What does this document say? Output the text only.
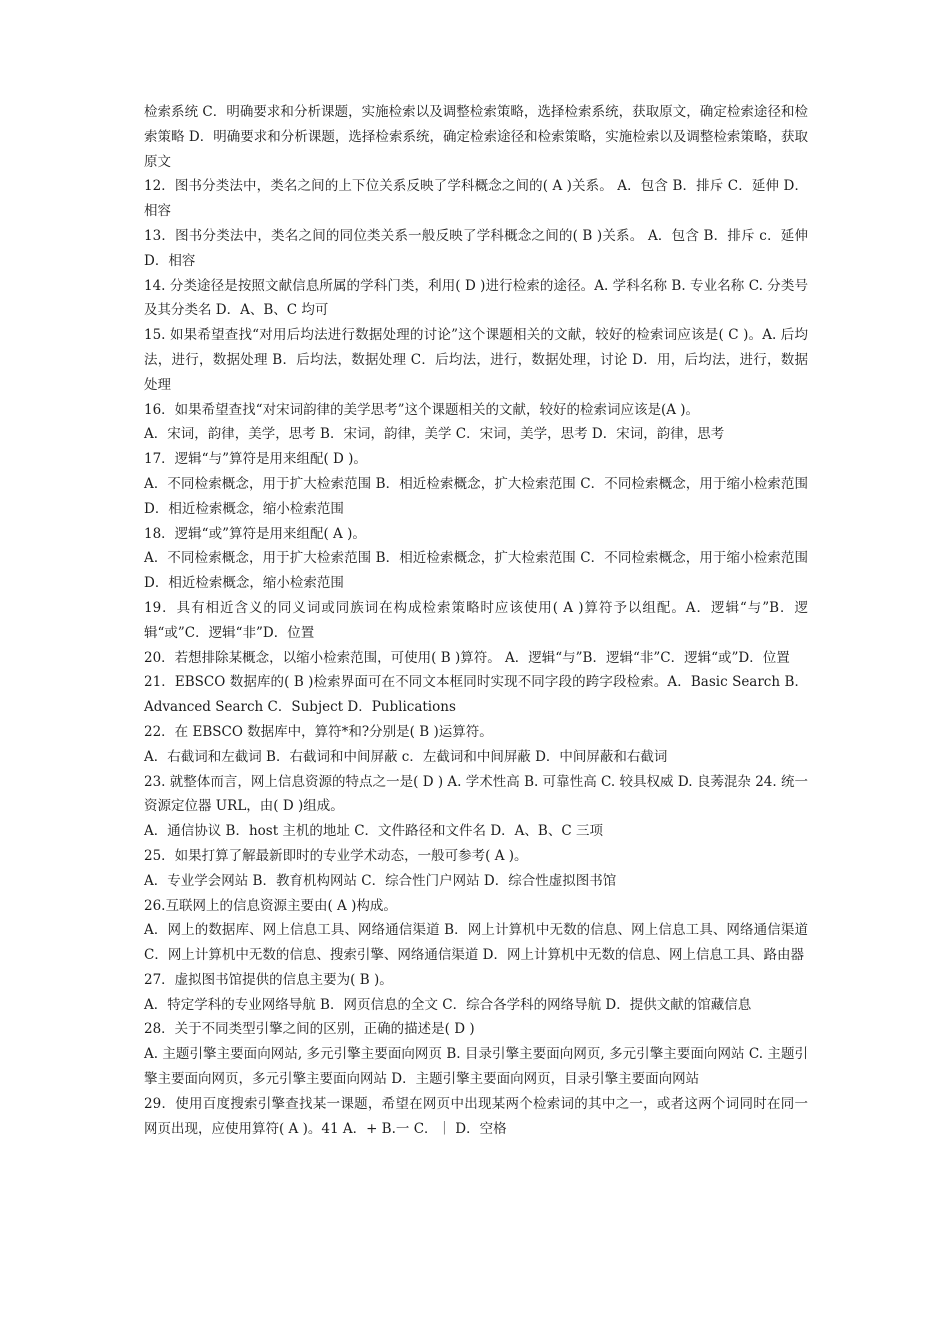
检索系统 C．明确要求和分析课题，实施检索以及调整检索策略，选择检索系统，获取原文，确定检索途径和检索策略 D．明确要求和分析课题，选择检索系统，确定检索途径和检索策略，实施检索以及调整检索策略，获取原文

12．图书分类法中，类名之间的上下位关系反映了学科概念之间的( A )关系。 A．包含 B．排斥 C．延伸 D．相容

13．图书分类法中，类名之间的同位类关系一般反映了学科概念之间的( B )关系。 A．包含 B．排斥 c．延伸 D．相容

14. 分类途径是按照文献信息所属的学科门类，利用( D )进行检索的途径。A. 学科名称 B. 专业名称 C. 分类号及其分类名 D．A、B、C 均可

15. 如果希望查找“对用后均法进行数据处理的讨论”这个课题相关的文献，较好的检索词应该是( C )。A. 后均法，进行，数据处理 B．后均法，数据处理 C．后均法，进行，数据处理，讨论 D．用，后均法，进行，数据处理

16．如果希望查找“对宋词韵律的美学思考”这个课题相关的文献，较好的检索词应该是(A )。

A．宋词，韵律，美学，思考 B．宋词，韵律，美学 C．宋词，美学，思考 D．宋词，韵律，思考

17．逻辑“与”算符是用来组配( D )。

A．不同检索概念，用于扩大检索范围 B．相近检索概念，扩大检索范围 C．不同检索概念，用于缩小检索范围 D．相近检索概念，缩小检索范围

18．逻辑“或”算符是用来组配( A )。

A．不同检索概念，用于扩大检索范围 B．相近检索概念，扩大检索范围 C．不同检索概念，用于缩小检索范围 D．相近检索概念，缩小检索范围

19．具有相近含义的同义词或同族词在构成检索策略时应该使用( A )算符予以组配。A．逻辑“与”B．逻辑“或”C．逻辑“非”D．位置

20．若想排除某概念，以缩小检索范围，可使用( B )算符。 A．逻辑“与”B．逻辑“非”C．逻辑“或”D．位置

21．EBSCO 数据库的( B )检索界面可在不同文本框同时实现不同字段的跨字段检索。A．Basic Search B．Advanced Search C．Subject D．Publications

22．在 EBSCO 数据库中，算符*和?分别是( B )运算符。

A．右截词和左截词 B．右截词和中间屏蔽 c．左截词和中间屏蔽 D．中间屏蔽和右截词

23. 就整体而言，网上信息资源的特点之一是( D ) A. 学术性高 B. 可靠性高 C. 较具权威 D. 良莠混杂 24. 统一资源定位器 URL，由( D )组成。

A．通信协议 B．host 主机的地址 C．文件路径和文件名 D．A、B、C 三项

25．如果打算了解最新即时的专业学术动态，一般可参考( A )。

A．专业学会网站 B．教育机构网站 C．综合性门户网站 D．综合性虚拟图书馆

26.互联网上的信息资源主要由( A )构成。

A．网上的数据库、网上信息工具、网络通信渠道 B．网上计算机中无数的信息、网上信息工具、网络通信渠道 C．网上计算机中无数的信息、搜索引擎、网络通信渠道 D．网上计算机中无数的信息、网上信息工具、路由器

27．虚拟图书馆提供的信息主要为( B )。

A．特定学科的专业网络导航 B．网页信息的全文 C．综合各学科的网络导航 D．提供文献的馆藏信息

28．关于不同类型引擎之间的区别，正确的描述是( D )

A. 主题引擎主要面向网站, 多元引擎主要面向网页 B. 目录引擎主要面向网页, 多元引擎主要面向网站 C. 主题引擎主要面向网页，多元引擎主要面向网站 D．主题引擎主要面向网页，目录引擎主要面向网站

29．使用百度搜索引擎查找某一课题，希望在网页中出现某两个检索词的其中之一，或者这两个词同时在同一网页出现，应使用算符( A )。41 A．+ B.一 C．｜ D．空格
